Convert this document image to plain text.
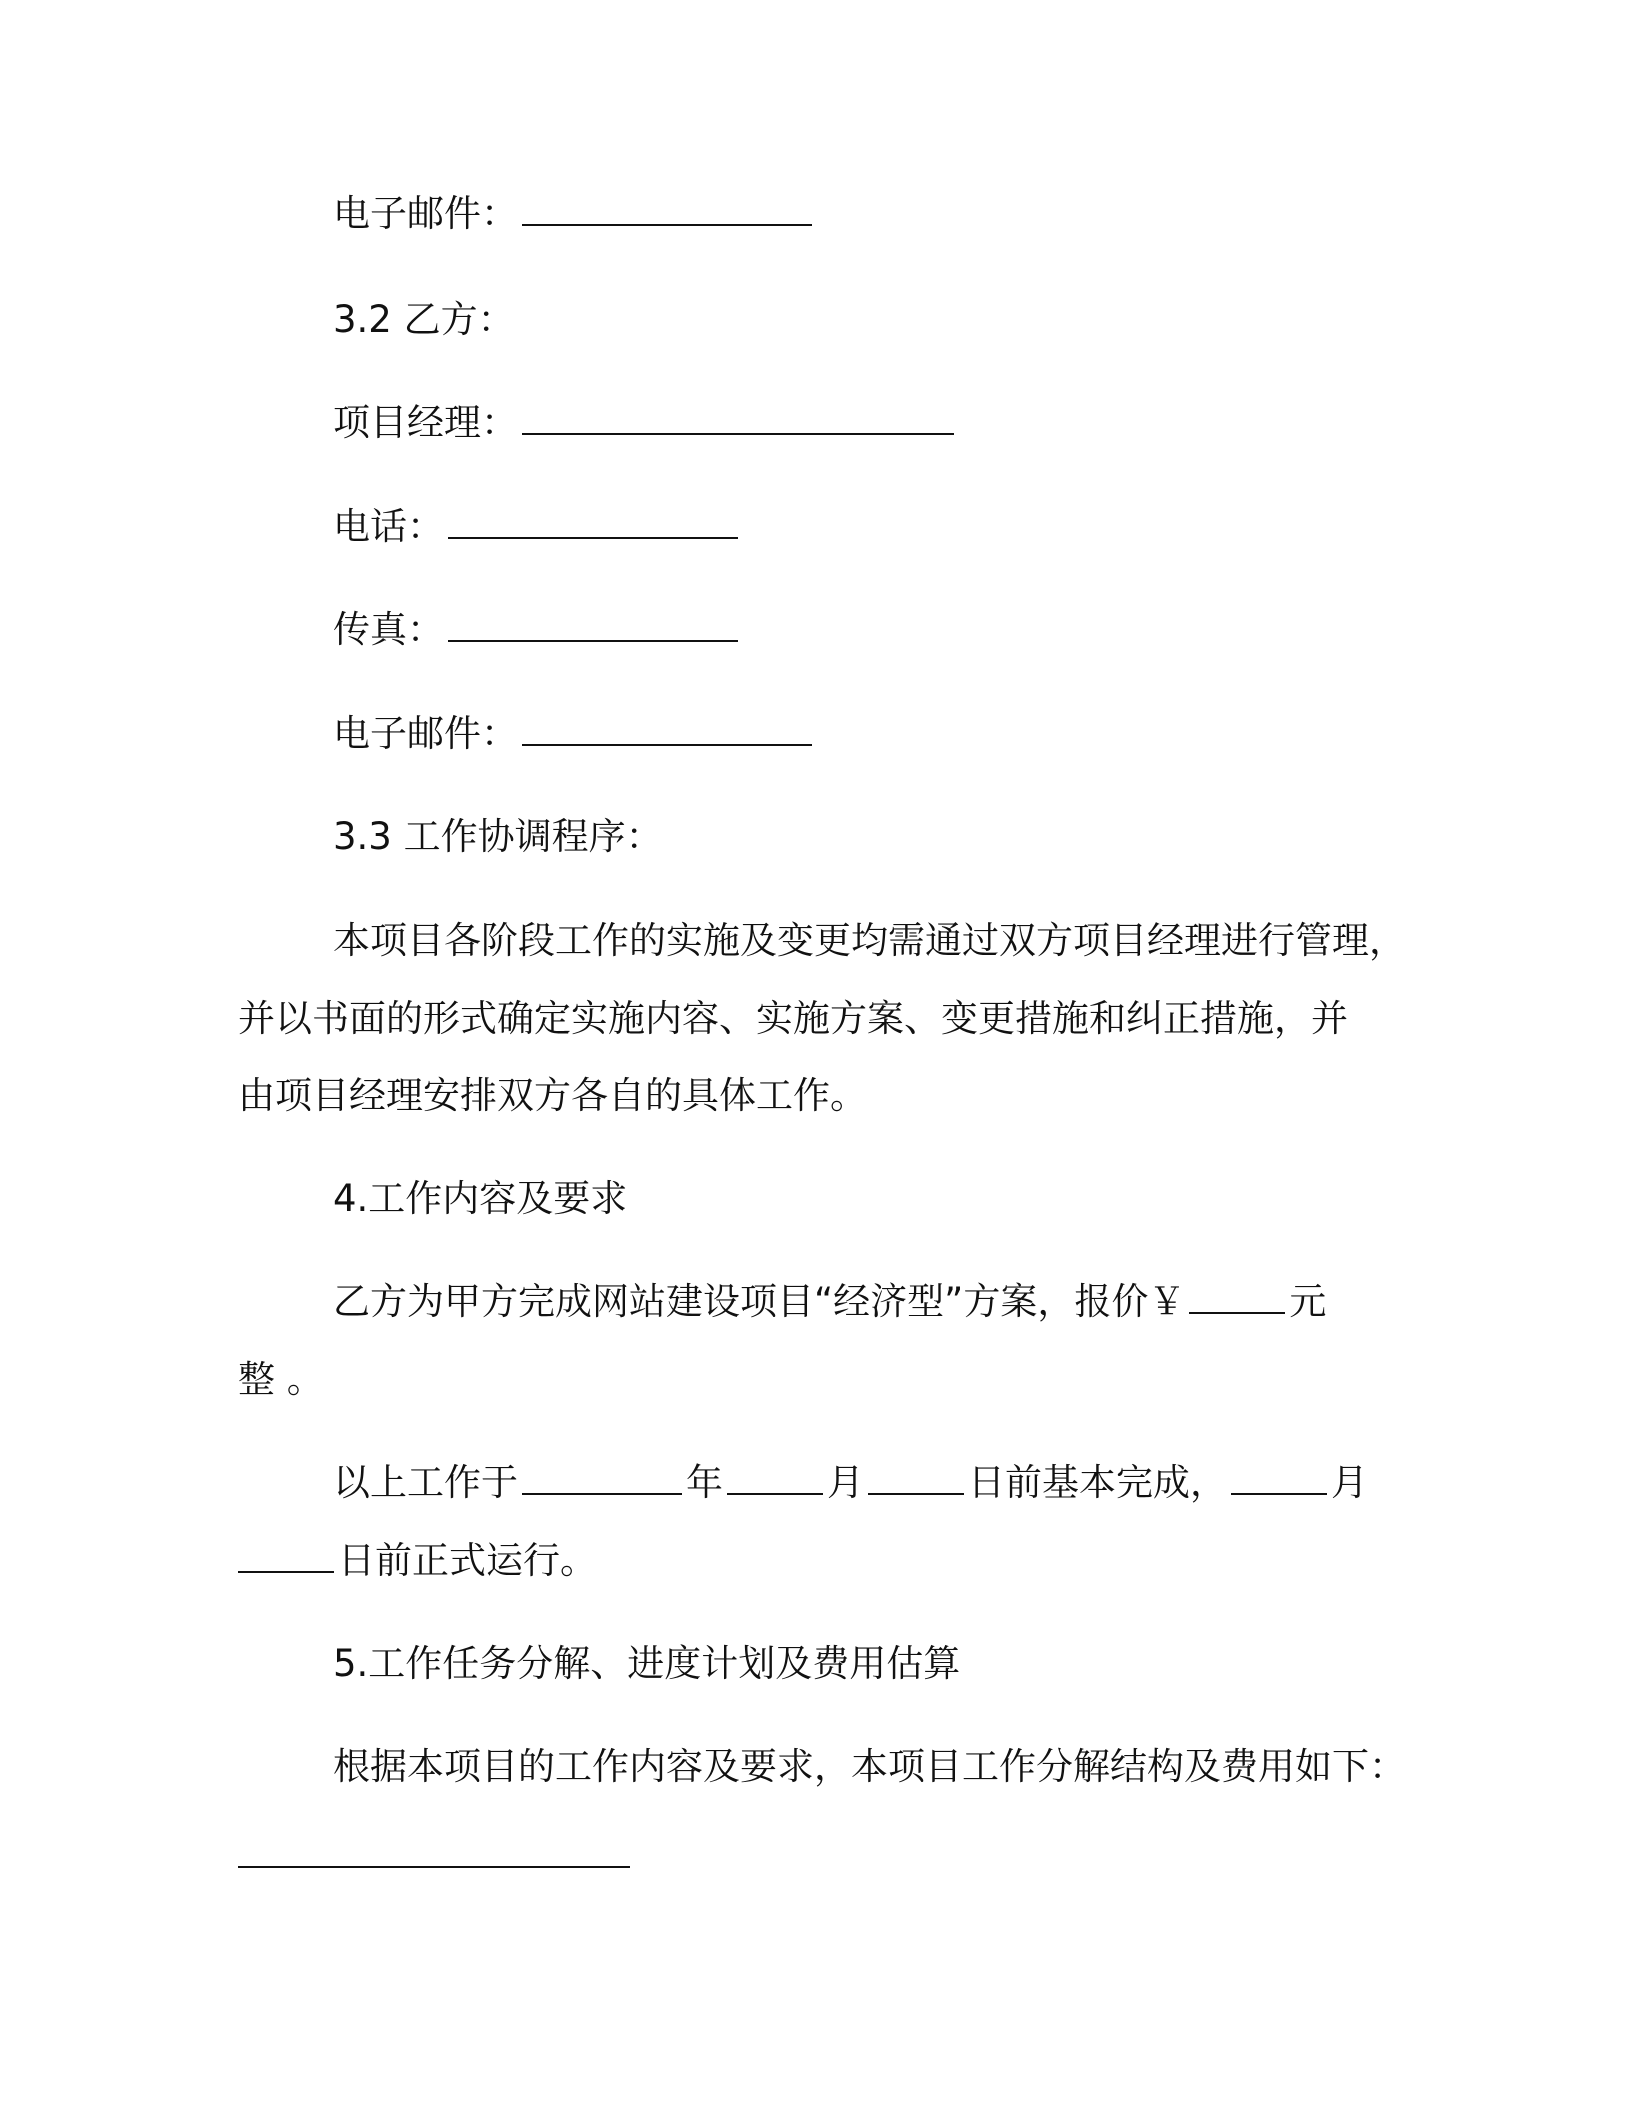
电子邮件：
3.2 乙方：
项目经理：
电话：
传真：
电子邮件：
3.3 工作协调程序：
本项目各阶段工作的实施及变更均需通过双方项目经理进行管理，
并以书面的形式确定实施内容、实施方案、变更措施和纠正措施，并
由项目经理安排双方各自的具体工作。
4.工作内容及要求
乙方为甲方完成网站建设项目“经济型”方案，报价￥	元
整 。
以上工作于	年	月	日前基本完成，	月
日前正式运行。
5.工作任务分解、进度计划及费用估算
根据本项目的工作内容及要求，本项目工作分解结构及费用如下：
